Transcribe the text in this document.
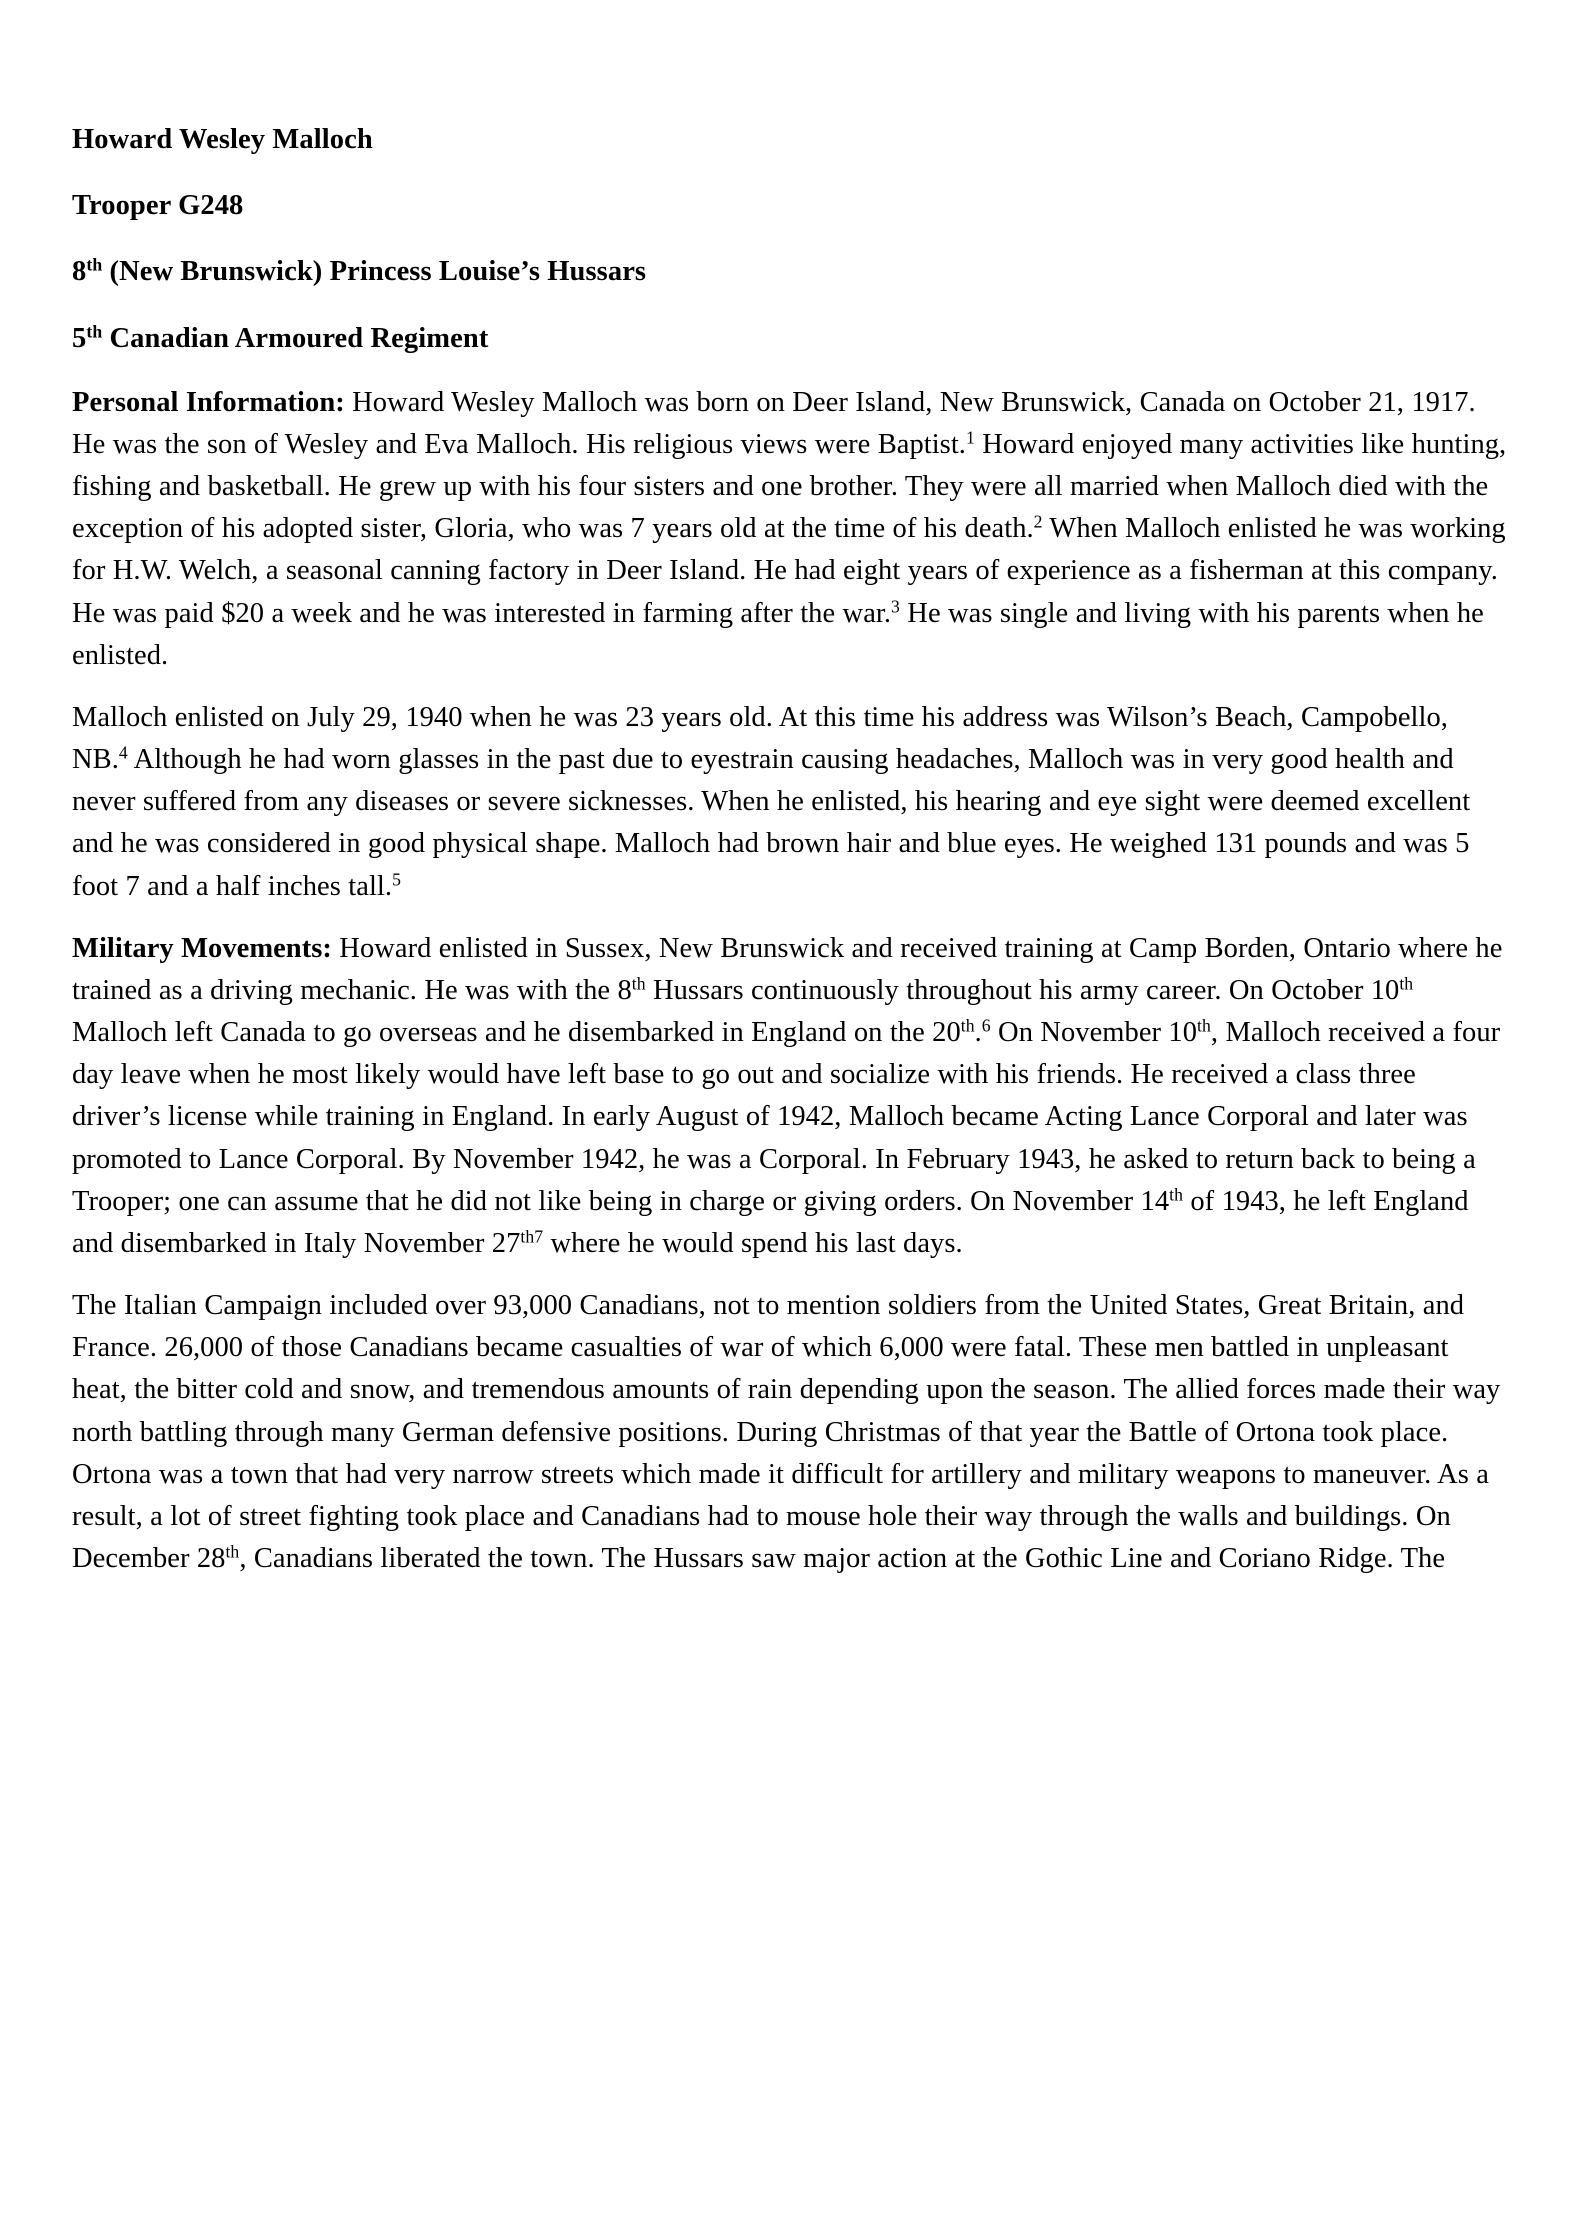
Howard Wesley Malloch
Trooper G248
8th (New Brunswick) Princess Louise’s Hussars
5th Canadian Armoured Regiment

Personal Information: Howard Wesley Malloch was born on Deer Island, New Brunswick, Canada on October 21, 1917. He was the son of Wesley and Eva Malloch. His religious views were Baptist.$^1$ Howard enjoyed many activities like hunting, fishing and basketball. He grew up with his four sisters and one brother. They were all married when Malloch died with the exception of his adopted sister, Gloria, who was 7 years old at the time of his death.$^2$ When Malloch enlisted he was working for H.W. Welch, a seasonal canning factory in Deer Island. He had eight years of experience as a fisherman at this company. He was paid $20 a week and he was interested in farming after the war.$^3$ He was single and living with his parents when he enlisted.

Malloch enlisted on July 29, 1940 when he was 23 years old. At this time his address was Wilson’s Beach, Campobello, NB.$^4$ Although he had worn glasses in the past due to eyestrain causing headaches, Malloch was in very good health and never suffered from any diseases or severe sicknesses. When he enlisted, his hearing and eye sight were deemed excellent and he was considered in good physical shape. Malloch had brown hair and blue eyes. He weighed 131 pounds and was 5 foot 7 and a half inches tall.$^5$

Military Movements: Howard enlisted in Sussex, New Brunswick and received training at Camp Borden, Ontario where he trained as a driving mechanic. He was with the 8th Hussars continuously throughout his army career. On October 10th Malloch left Canada to go overseas and he disembarked in England on the 20th.$^6$ On November 10th, Malloch received a four day leave when he most likely would have left base to go out and socialize with his friends. He received a class three driver’s license while training in England. In early August of 1942, Malloch became Acting Lance Corporal and later was promoted to Lance Corporal. By November 1942, he was a Corporal. In February 1943, he asked to return back to being a Trooper; one can assume that he did not like being in charge or giving orders. On November 14th of 1943, he left England and disembarked in Italy November 27$^{th7}$ where he would spend his last days.

The Italian Campaign included over 93,000 Canadians, not to mention soldiers from the United States, Great Britain, and France. 26,000 of those Canadians became casualties of war of which 6,000 were fatal. These men battled in unpleasant heat, the bitter cold and snow, and tremendous amounts of rain depending upon the season. The allied forces made their way north battling through many German defensive positions. During Christmas of that year the Battle of Ortona took place. Ortona was a town that had very narrow streets which made it difficult for artillery and military weapons to maneuver. As a result, a lot of street fighting took place and Canadians had to mouse hole their way through the walls and buildings. On December 28th, Canadians liberated the town. The Hussars saw major action at the Gothic Line and Coriano Ridge. The
